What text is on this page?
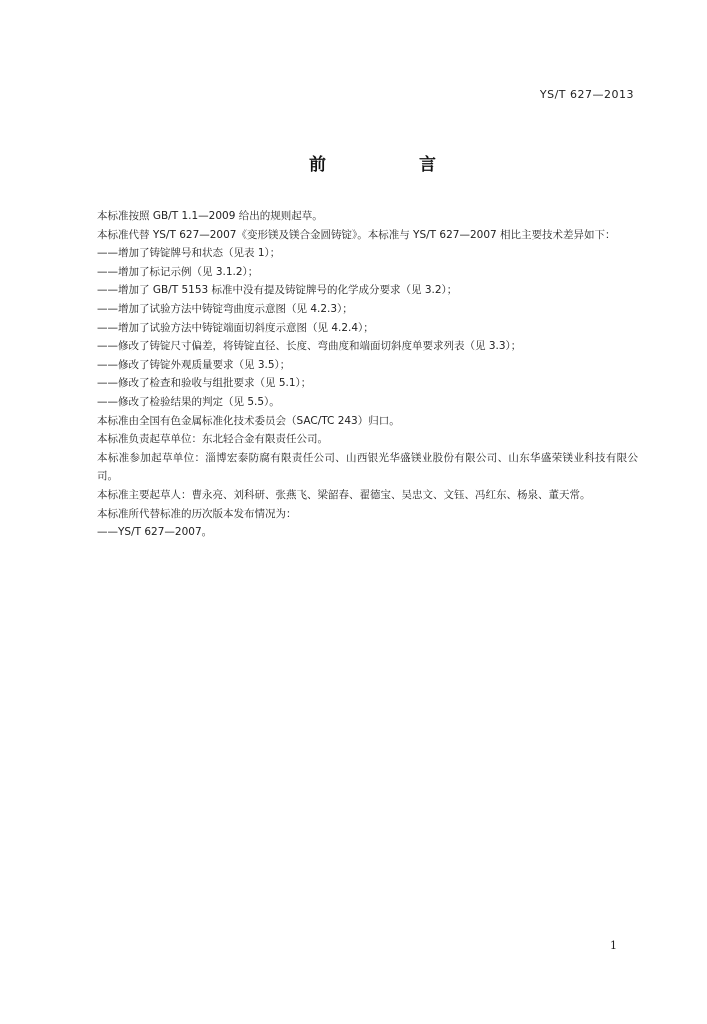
YS/T 627—2013
前　言

本标准按照 GB/T 1.1—2009 给出的规则起草。

本标准代替 YS/T 627—2007《变形镁及镁合金圆铸锭》。本标准与 YS/T 627—2007 相比主要技术差异如下：

——增加了铸锭牌号和状态（见表 1）；

——增加了标记示例（见 3.1.2）；

——增加了 GB/T 5153 标准中没有提及铸锭牌号的化学成分要求（见 3.2）；

——增加了试验方法中铸锭弯曲度示意图（见 4.2.3）；

——增加了试验方法中铸锭端面切斜度示意图（见 4.2.4）；

——修改了铸锭尺寸偏差，将铸锭直径、长度、弯曲度和端面切斜度单要求列表（见 3.3）；

——修改了铸锭外观质量要求（见 3.5）；

——修改了检查和验收与组批要求（见 5.1）；

——修改了检验结果的判定（见 5.5）。

本标准由全国有色金属标准化技术委员会（SAC/TC 243）归口。

本标准负责起草单位：东北轻合金有限责任公司。

本标准参加起草单位：淄博宏泰防腐有限责任公司、山西银光华盛镁业股份有限公司、山东华盛荣镁业科技有限公司。

本标准主要起草人：曹永亮、刘科研、张燕飞、梁韶春、翟德宝、吴忠文、文钰、冯红东、杨泉、董天常。

本标准所代替标准的历次版本发布情况为：

——YS/T 627—2007。

1
